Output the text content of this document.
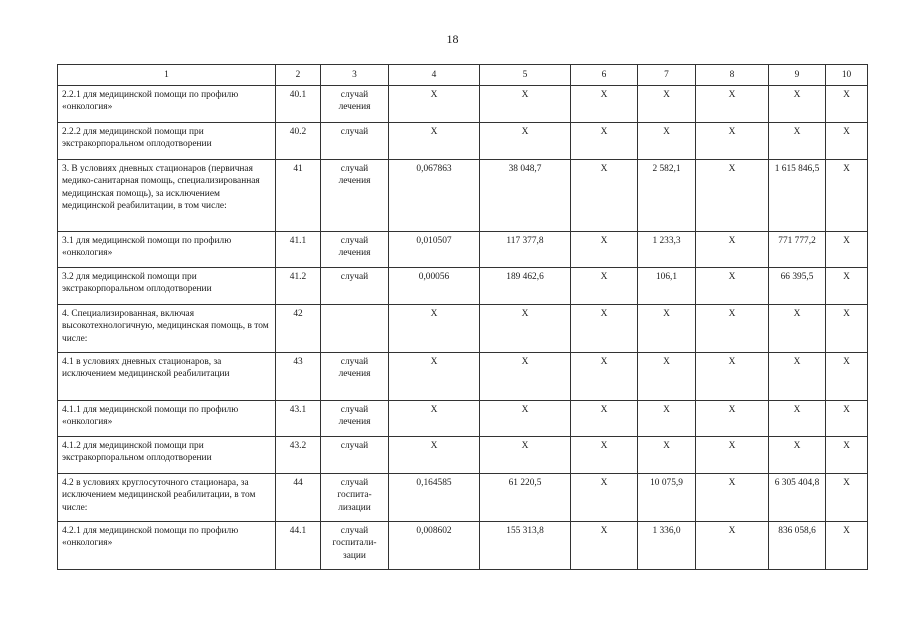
18
1	2	3	4	5	6	7	8	9	10
2.2.1 для медицинской помощи по профилю «онкология»	40.1	случай лечения	X	X	X	X	X	X	X
2.2.2 для медицинской помощи при экстракорпоральном оплодотворении	40.2	случай	X	X	X	X	X	X	X
3. В условиях дневных стационаров (первичная медико-санитарная помощь, специализированная медицинская помощь), за исключением медицинской реабилитации, в том числе:	41	случай лечения	0,067863	38 048,7	X	2 582,1	X	1 615 846,5	X
3.1 для медицинской помощи по профилю «онкология»	41.1	случай лечения	0,010507	117 377,8	X	1 233,3	X	771 777,2	X
3.2 для медицинской помощи при экстракорпоральном оплодотворении	41.2	случай	0,00056	189 462,6	X	106,1	X	66 395,5	X
4. Специализированная, включая высокотехнологичную, медицинская помощь, в том числе:	42		X	X	X	X	X	X	X
4.1 в условиях дневных стационаров, за исключением медицинской реабилитации	43	случай лечения	X	X	X	X	X	X	X
4.1.1 для медицинской помощи по профилю «онкология»	43.1	случай лечения	X	X	X	X	X	X	X
4.1.2 для медицинской помощи при экстракорпоральном оплодотворении	43.2	случай	X	X	X	X	X	X	X
4.2 в условиях круглосуточного стационара, за исключением медицинской реабилитации, в том числе:	44	случай госпита-лизации	0,164585	61 220,5	X	10 075,9	X	6 305 404,8	X
4.2.1 для медицинской помощи по профилю «онкология»	44.1	случай госпитали-зации	0,008602	155 313,8	X	1 336,0	X	836 058,6	X
